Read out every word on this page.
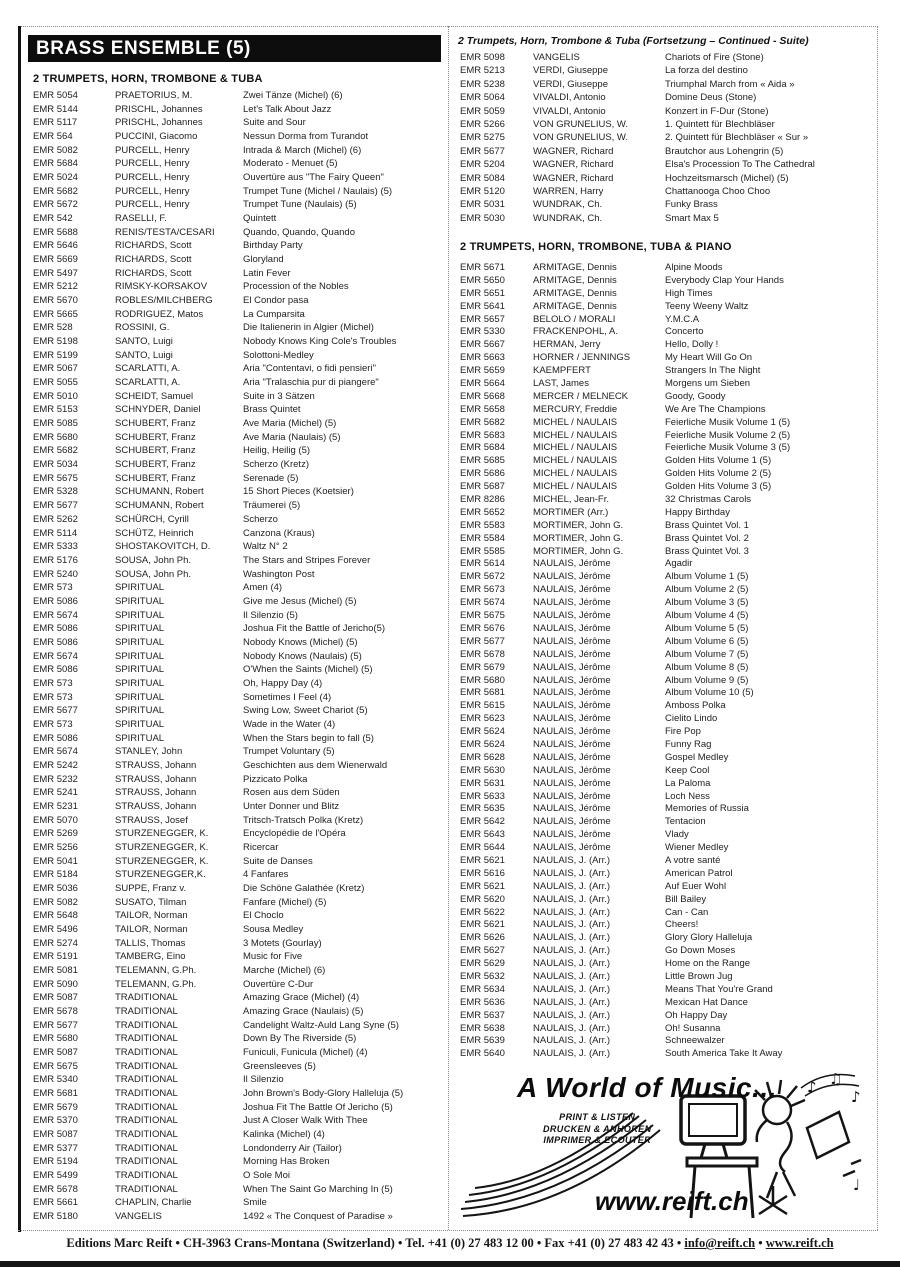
BRASS ENSEMBLE (5)
2 TRUMPETS, HORN, TROMBONE & TUBA
EMR 5054	PRAETORIUS, M.	Zwei Tänze (Michel) (6)
EMR 5144	PRISCHL, Johannes	Let's Talk About Jazz
EMR 5117	PRISCHL, Johannes	Suite and Sour
EMR 564	PUCCINI, Giacomo	Nessun Dorma from Turandot
EMR 5082	PURCELL, Henry	Intrada & March (Michel) (6)
EMR 5684	PURCELL, Henry	Moderato - Menuet (5)
EMR 5024	PURCELL, Henry	Ouvertüre aus "The Fairy Queen"
EMR 5682	PURCELL, Henry	Trumpet Tune (Michel / Naulais) (5)
EMR 5672	PURCELL, Henry	Trumpet Tune (Naulais) (5)
EMR 542	RASELLI, F.	Quintett
EMR 5688	RENIS/TESTA/CESARI	Quando, Quando, Quando
EMR 5646	RICHARDS, Scott	Birthday Party
EMR 5669	RICHARDS, Scott	Gloryland
EMR 5497	RICHARDS, Scott	Latin Fever
EMR 5212	RIMSKY-KORSAKOV	Procession of the Nobles
EMR 5670	ROBLES/MILCHBERG	El Condor pasa
EMR 5665	RODRIGUEZ, Matos	La Cumparsita
EMR 528	ROSSINI, G.	Die Italienerin in Algier (Michel)
EMR 5198	SANTO, Luigi	Nobody Knows King Cole's Troubles
EMR 5199	SANTO, Luigi	Solottoni-Medley
EMR 5067	SCARLATTI, A.	Aria "Contentavi, o fidi pensieri"
EMR 5055	SCARLATTI, A.	Aria "Tralaschia pur di piangere"
EMR 5010	SCHEIDT, Samuel	Suite in 3 Sätzen
EMR 5153	SCHNYDER, Daniel	Brass Quintet
EMR 5085	SCHUBERT, Franz	Ave Maria (Michel) (5)
EMR 5680	SCHUBERT, Franz	Ave Maria (Naulais) (5)
EMR 5682	SCHUBERT, Franz	Heilig, Heilig (5)
EMR 5034	SCHUBERT, Franz	Scherzo (Kretz)
EMR 5675	SCHUBERT, Franz	Serenade (5)
EMR 5328	SCHUMANN, Robert	15 Short Pieces (Koetsier)
EMR 5677	SCHUMANN, Robert	Träumerei (5)
EMR 5262	SCHÜRCH, Cyrill	Scherzo
EMR 5114	SCHÜTZ, Heinrich	Canzona (Kraus)
EMR 5333	SHOSTAKOVITCH, D.	Waltz N° 2
EMR 5176	SOUSA, John Ph.	The Stars and Stripes Forever
EMR 5240	SOUSA, John Ph.	Washington Post
EMR 573	SPIRITUAL	Amen (4)
EMR 5086	SPIRITUAL	Give me Jesus (Michel) (5)
EMR 5674	SPIRITUAL	Il Silenzio (5)
EMR 5086	SPIRITUAL	Joshua Fit the Battle of Jericho(5)
EMR 5086	SPIRITUAL	Nobody Knows (Michel) (5)
EMR 5674	SPIRITUAL	Nobody Knows (Naulais) (5)
EMR 5086	SPIRITUAL	O'When the Saints (Michel) (5)
EMR 573	SPIRITUAL	Oh, Happy Day (4)
EMR 573	SPIRITUAL	Sometimes I Feel (4)
EMR 5677	SPIRITUAL	Swing Low, Sweet Chariot (5)
EMR 573	SPIRITUAL	Wade in the Water (4)
EMR 5086	SPIRITUAL	When the Stars begin to fall (5)
EMR 5674	STANLEY, John	Trumpet Voluntary (5)
EMR 5242	STRAUSS, Johann	Geschichten aus dem Wienerwald
EMR 5232	STRAUSS, Johann	Pizzicato Polka
EMR 5241	STRAUSS, Johann	Rosen aus dem Süden
EMR 5231	STRAUSS, Johann	Unter Donner und Blitz
EMR 5070	STRAUSS, Josef	Tritsch-Tratsch Polka (Kretz)
EMR 5269	STURZENEGGER, K.	Encyclopédie de l'Opéra
EMR 5256	STURZENEGGER, K.	Ricercar
EMR 5041	STURZENEGGER, K.	Suite de Danses
EMR 5184	STURZENEGGER,K.	4 Fanfares
EMR 5036	SUPPE, Franz v.	Die Schöne Galathée (Kretz)
EMR 5082	SUSATO, Tilman	Fanfare (Michel) (5)
EMR 5648	TAILOR, Norman	El Choclo
EMR 5496	TAILOR, Norman	Sousa Medley
EMR 5274	TALLIS, Thomas	3 Motets (Gourlay)
EMR 5191	TAMBERG, Eino	Music for Five
EMR 5081	TELEMANN, G.Ph.	Marche (Michel) (6)
EMR 5090	TELEMANN, G.Ph.	Ouvertüre C-Dur
EMR 5087	TRADITIONAL	Amazing Grace (Michel) (4)
EMR 5678	TRADITIONAL	Amazing Grace (Naulais) (5)
EMR 5677	TRADITIONAL	Candelight Waltz-Auld Lang Syne (5)
EMR 5680	TRADITIONAL	Down By The Riverside (5)
EMR 5087	TRADITIONAL	Funiculi, Funicula (Michel) (4)
EMR 5675	TRADITIONAL	Greensleeves (5)
EMR 5340	TRADITIONAL	Il Silenzio
EMR 5681	TRADITIONAL	John Brown's Body-Glory Halleluja (5)
EMR 5679	TRADITIONAL	Joshua Fit The Battle Of Jericho (5)
EMR 5370	TRADITIONAL	Just A Closer Walk With Thee
EMR 5087	TRADITIONAL	Kalinka (Michel) (4)
EMR 5377	TRADITIONAL	Londonderry Air (Tailor)
EMR 5194	TRADITIONAL	Morning Has Broken
EMR 5499	TRADITIONAL	O Sole Moi
EMR 5678	TRADITIONAL	When The Saint Go Marching In (5)
EMR 5661	CHAPLIN, Charlie	Smile
EMR 5180	VANGELIS	1492 « The Conquest of Paradise »
2 Trumpets, Horn, Trombone & Tuba (Fortsetzung – Continued - Suite)
EMR 5098	VANGELIS	Chariots of Fire (Stone)
EMR 5213	VERDI, Giuseppe	La forza del destino
EMR 5238	VERDI, Giuseppe	Triumphal March from « Aida »
EMR 5064	VIVALDI, Antonio	Domine Deus (Stone)
EMR 5059	VIVALDI, Antonio	Konzert in F-Dur (Stone)
EMR 5266	VON GRUNELIUS, W.	1. Quintett für Blechbläser
EMR 5275	VON GRUNELIUS, W.	2. Quintett für Blechbläser « Sur »
EMR 5677	WAGNER, Richard	Brautchor aus Lohengrin (5)
EMR 5204	WAGNER, Richard	Elsa's Procession To The Cathedral
EMR 5084	WAGNER, Richard	Hochzeitsmarsch (Michel) (5)
EMR 5120	WARREN, Harry	Chattanooga Choo Choo
EMR 5031	WUNDRAK, Ch.	Funky Brass
EMR 5030	WUNDRAK, Ch.	Smart Max 5
2 TRUMPETS, HORN, TROMBONE, TUBA & PIANO
EMR 5671	ARMITAGE, Dennis	Alpine Moods
EMR 5650	ARMITAGE, Dennis	Everybody Clap Your Hands
EMR 5651	ARMITAGE, Dennis	High Times
EMR 5641	ARMITAGE, Dennis	Teeny Weeny Waltz
EMR 5657	BELOLO / MORALI	Y.M.C.A
EMR 5330	FRACKENPOHL, A.	Concerto
EMR 5667	HERMAN, Jerry	Hello, Dolly !
EMR 5663	HORNER / JENNINGS	My Heart Will Go On
EMR 5659	KAEMPFERT	Strangers In The Night
EMR 5664	LAST, James	Morgens um Sieben
EMR 5668	MERCER / MELNECK	Goody, Goody
EMR 5658	MERCURY, Freddie	We Are The Champions
EMR 5682	MICHEL / NAULAIS	Feierliche Musik Volume 1 (5)
EMR 5683	MICHEL / NAULAIS	Feierliche Musik Volume 2 (5)
EMR 5684	MICHEL / NAULAIS	Feierliche Musik Volume 3 (5)
EMR 5685	MICHEL / NAULAIS	Golden Hits Volume 1 (5)
EMR 5686	MICHEL / NAULAIS	Golden Hits Volume 2 (5)
EMR 5687	MICHEL / NAULAIS	Golden Hits Volume 3 (5)
EMR 8286	MICHEL, Jean-Fr.	32 Christmas Carols
EMR 5652	MORTIMER (Arr.)	Happy Birthday
EMR 5583	MORTIMER, John G.	Brass Quintet Vol. 1
EMR 5584	MORTIMER, John G.	Brass Quintet Vol. 2
EMR 5585	MORTIMER, John G.	Brass Quintet Vol. 3
EMR 5614	NAULAIS, Jérôme	Agadir
EMR 5672	NAULAIS, Jérôme	Album Volume 1 (5)
EMR 5673	NAULAIS, Jérôme	Album Volume 2 (5)
EMR 5674	NAULAIS, Jérôme	Album Volume 3 (5)
EMR 5675	NAULAIS, Jérôme	Album Volume 4 (5)
EMR 5676	NAULAIS, Jérôme	Album Volume 5 (5)
EMR 5677	NAULAIS, Jérôme	Album Volume 6 (5)
EMR 5678	NAULAIS, Jérôme	Album Volume 7 (5)
EMR 5679	NAULAIS, Jérôme	Album Volume 8 (5)
EMR 5680	NAULAIS, Jérôme	Album Volume 9 (5)
EMR 5681	NAULAIS, Jérôme	Album Volume 10 (5)
EMR 5615	NAULAIS, Jérôme	Amboss Polka
EMR 5623	NAULAIS, Jérôme	Cielito Lindo
EMR 5624	NAULAIS, Jérôme	Fire Pop
EMR 5624	NAULAIS, Jérôme	Funny Rag
EMR 5628	NAULAIS, Jérôme	Gospel Medley
EMR 5630	NAULAIS, Jérôme	Keep Cool
EMR 5631	NAULAIS, Jérôme	La Paloma
EMR 5633	NAULAIS, Jérôme	Loch Ness
EMR 5635	NAULAIS, Jérôme	Memories of Russia
EMR 5642	NAULAIS, Jérôme	Tentacion
EMR 5643	NAULAIS, Jérôme	Vlady
EMR 5644	NAULAIS, Jérôme	Wiener Medley
EMR 5621	NAULAIS, J. (Arr.)	A votre santé
EMR 5616	NAULAIS, J. (Arr.)	American Patrol
EMR 5621	NAULAIS, J. (Arr.)	Auf Euer Wohl
EMR 5620	NAULAIS, J. (Arr.)	Bill Bailey
EMR 5622	NAULAIS, J. (Arr.)	Can - Can
EMR 5621	NAULAIS, J. (Arr.)	Cheers!
EMR 5626	NAULAIS, J. (Arr.)	Glory Glory Halleluja
EMR 5627	NAULAIS, J. (Arr.)	Go Down Moses
EMR 5629	NAULAIS, J. (Arr.)	Home on the Range
EMR 5632	NAULAIS, J. (Arr.)	Little Brown Jug
EMR 5634	NAULAIS, J. (Arr.)	Means That You're Grand
EMR 5636	NAULAIS, J. (Arr.)	Mexican Hat Dance
EMR 5637	NAULAIS, J. (Arr.)	Oh Happy Day
EMR 5638	NAULAIS, J. (Arr.)	Oh! Susanna
EMR 5639	NAULAIS, J. (Arr.)	Schneewalzer
EMR 5640	NAULAIS, J. (Arr.)	South America Take It Away
♪ ♫
♪
♩
A World of Music...
PRINT & LISTEN
DRUCKEN & ANHÖREN
IMPRIMER & ECOUTER
www.reift.ch
Editions Marc Reift • CH-3963 Crans-Montana (Switzerland) • Tel. +41 (0) 27 483 12 00 • Fax +41 (0) 27 483 42 43 • info@reift.ch • www.reift.ch
